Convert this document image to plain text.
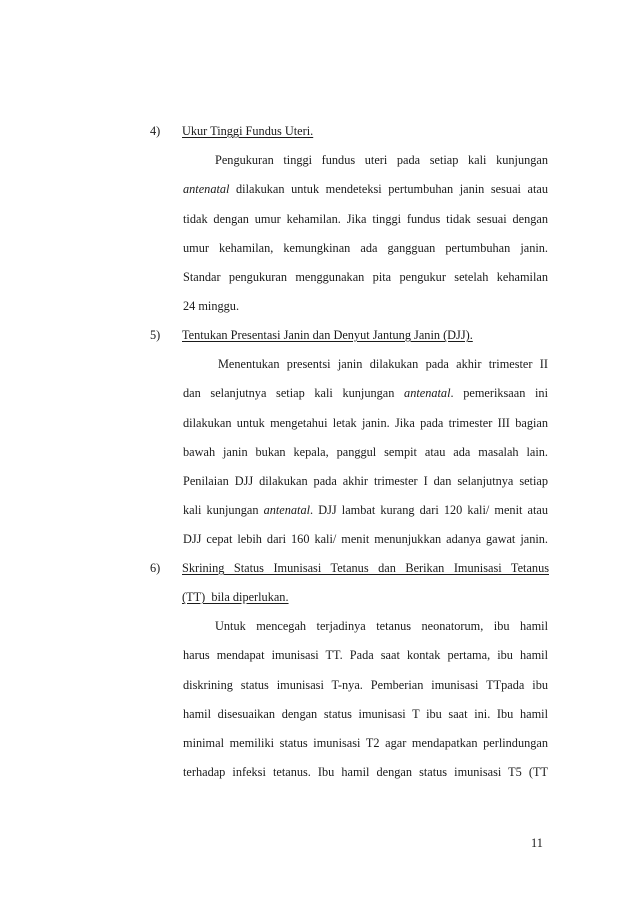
4) Ukur Tinggi Fundus Uteri.
Pengukuran tinggi fundus uteri pada setiap kali kunjungan
antenatal dilakukan untuk mendeteksi pertumbuhan janin sesuai atau
tidak dengan umur kehamilan. Jika tinggi fundus tidak sesuai dengan
umur kehamilan, kemungkinan ada gangguan pertumbuhan janin.
Standar pengukuran menggunakan pita pengukur setelah kehamilan
24 minggu.
5) Tentukan Presentasi Janin dan Denyut Jantung Janin (DJJ).
Menentukan presentsi janin dilakukan pada akhir trimester II
dan selanjutnya setiap kali kunjungan antenatal. pemeriksaan ini
dilakukan untuk mengetahui letak janin. Jika pada trimester III bagian
bawah janin bukan kepala, panggul sempit atau ada masalah lain.
Penilaian DJJ dilakukan pada akhir trimester I dan selanjutnya setiap
kali kunjungan antenatal. DJJ lambat kurang dari 120 kali/ menit atau
DJJ cepat lebih dari 160 kali/ menit menunjukkan adanya gawat janin.
6) Skrining Status Imunisasi Tetanus dan Berikan Imunisasi Tetanus
(TT)  bila diperlukan.
Untuk mencegah terjadinya tetanus neonatorum, ibu hamil
harus mendapat imunisasi TT. Pada saat kontak pertama, ibu hamil
diskrining status imunisasi T-nya. Pemberian imunisasi TTpada ibu
hamil disesuaikan dengan status imunisasi T ibu saat ini. Ibu hamil
minimal memiliki status imunisasi T2 agar mendapatkan perlindungan
terhadap infeksi tetanus. Ibu hamil dengan status imunisasi T5 (TT
11
